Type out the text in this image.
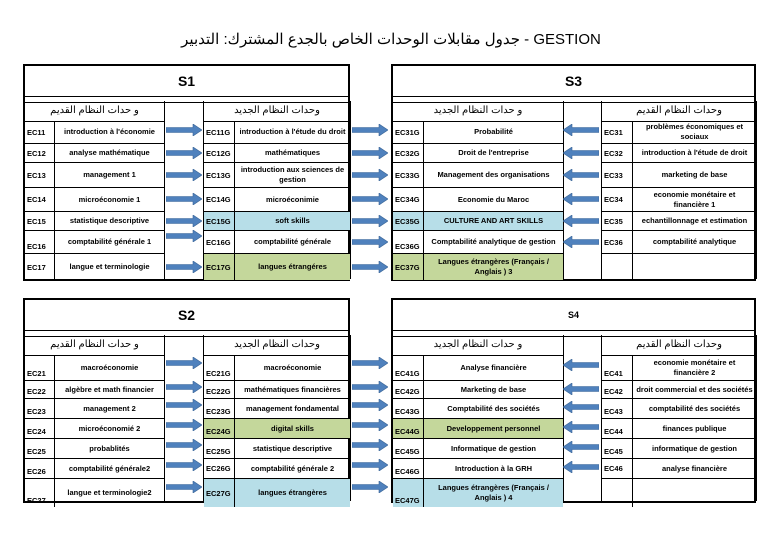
جدول مقابلات الوحدات الخاص بالجدع المشترك: التدبير - GESTION
S1
و حدات النظام القديم
EC11	introduction à l'économie
EC12	analyse mathématique
EC13	management 1
EC14	microéconomie 1
EC15	statistique descriptive
EC16
comptabilité générale 1
EC17	langue et terminologie
وحدات النظام الجديد
EC11G	introduction à l'étude du droit
EC12G	mathématiques
EC13G
introduction aux sciences de gestion
EC14G	microéconimie
EC15G	soft skills
EC16G	comptabilité générale
EC17G	langues étrangéres
S3
و حدات النظام الجديد
EC31G	Probabilité
EC32G	Droit de l'entreprise
EC33G	Management des organisations
EC34G	Economie du Maroc
EC35G	CULTURE AND ART SKILLS
EC36G
Comptabilité analytique de gestion
EC37G
Langues étrangères (Français / Anglais ) 3
وحدات النظام القديم
EC31
problèmes économiques et sociaux
EC32	introduction à l'étude de droit
EC33	marketing de base
EC34
economie monétaire et financière 1
EC35	echantillonnage et estimation
EC36	comptabilité analytique
S2
و حدات النظام القديم
EC21
macroéconomie
EC22	algèbre et math financier
EC23	management 2
EC24	microéconomié 2
EC25	probablités
EC26	comptabilité générale2
EC27
langue et terminologie2
وحدات النظام الجديد
EC21G
macroéconomie
EC22G	mathématiques financières
EC23G	management fondamental
EC24G	digital skills
EC25G	statistique descriptive
EC26G	comptabilité générale 2
EC27G	langues étrangères
S4
و حدات النظام الجديد
EC41G
Analyse financière
EC42G	Marketing de base
EC43G	Comptabilité des sociétés
EC44G	Developpement personnel
EC45G	Informatique de gestion
EC46G	Introduction à la GRH
EC47G
Langues étrangères (Français / Anglais ) 4
وحدات النظام القديم
EC41
economie monétaire et financière 2
EC42	droit commercial et des sociétés
EC43	comptabilité des sociétés
EC44	finances publique
EC45	informatique de gestion
EC46	analyse financière
